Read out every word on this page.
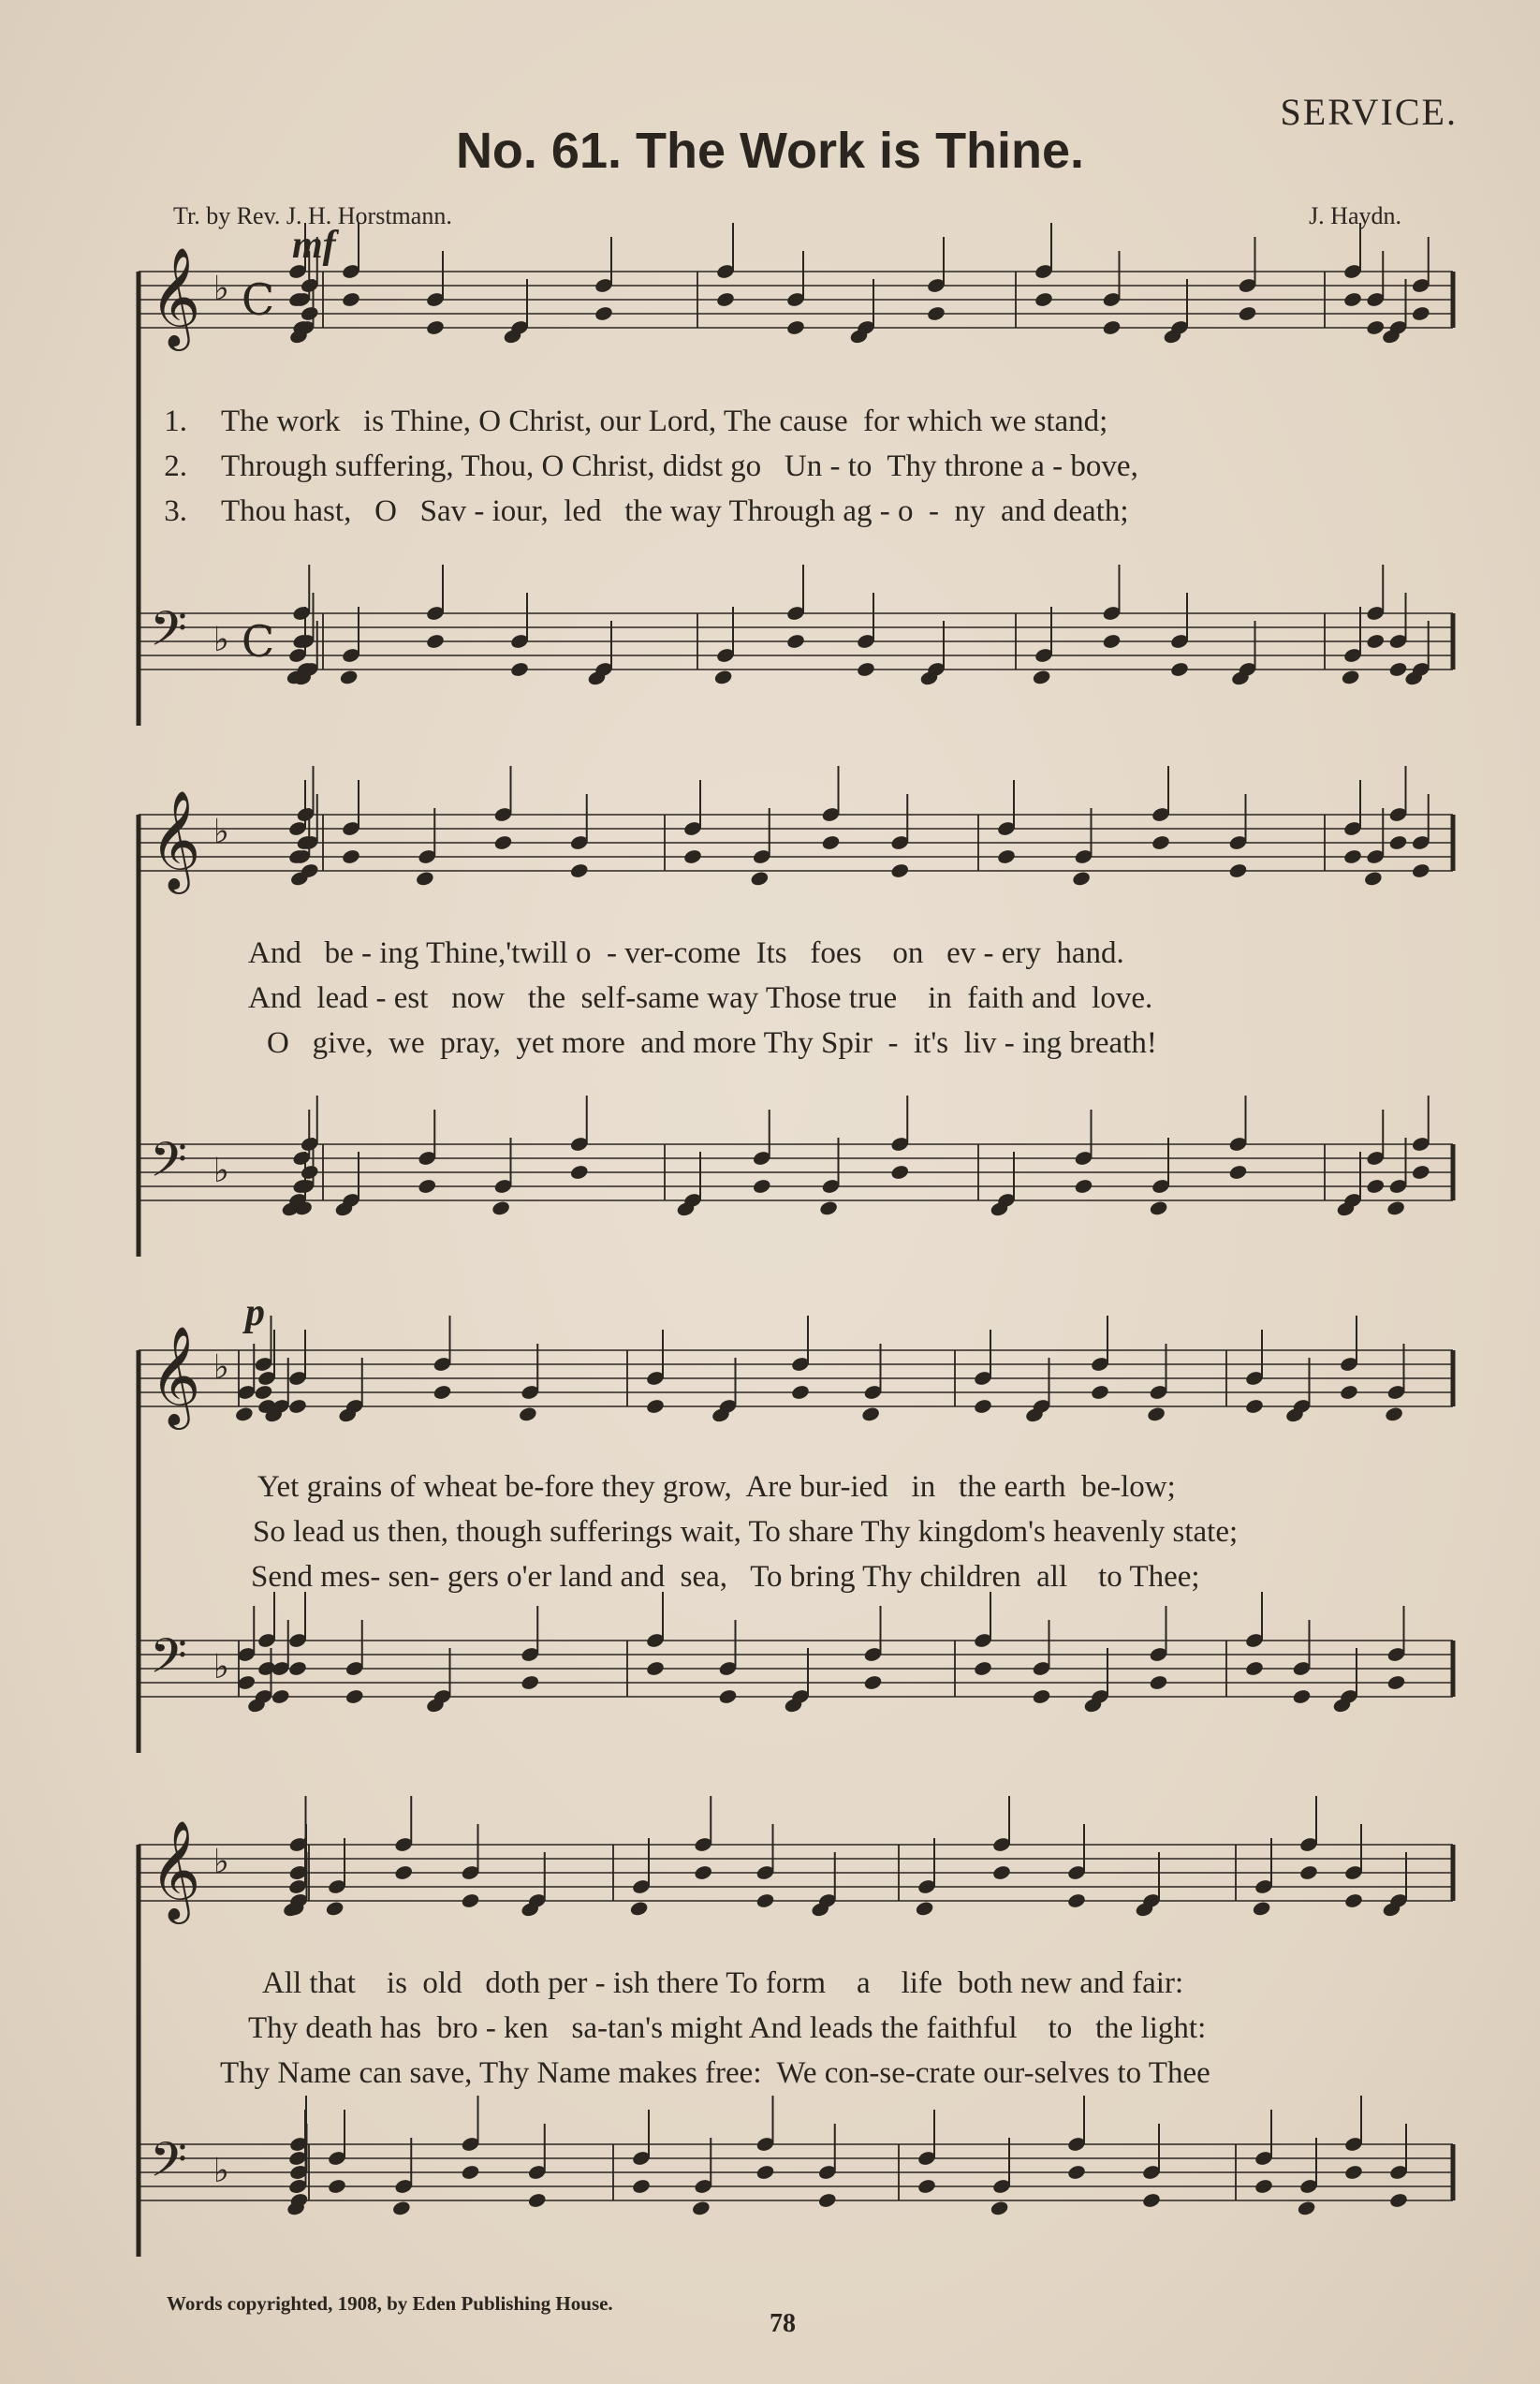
SERVICE.
No. 61. The Work is Thine.
Tr. by Rev. J. H. Horstmann.	J. Haydn.
mf
p
𝄞 ♭ C
𝄢 ♭ C
𝄞 ♭
𝄢 ♭
𝄞 ♭
𝄢 ♭
𝄞 ♭
𝄢 ♭
1. The work   is Thine, O Christ, our Lord, The cause  for which we stand;
2. Through suffering, Thou, O Christ, didst go   Un - to  Thy throne a - bove,
3. Thou hast,   O   Sav - iour,  led   the way Through ag - o  -  ny  and death;
And   be - ing Thine,'twill o  - ver-come  Its   foes    on   ev - ery  hand.
And  lead - est   now   the  self-same way Those true    in  faith and  love.
O   give,  we  pray,  yet more  and more Thy Spir  -  it's  liv - ing breath!
Yet grains of wheat be-fore they grow,  Are bur-ied   in   the earth  be-low;
So lead us then, though sufferings wait, To share Thy kingdom's heavenly state;
Send mes- sen- gers o'er land and  sea,   To bring Thy children  all    to Thee;
All that    is  old   doth per - ish there To form    a    life  both new and fair:
Thy death has  bro - ken   sa-tan's might And leads the faithful    to   the light:
Thy Name can save, Thy Name makes free:  We con-se-crate our-selves to Thee
Words copyrighted, 1908, by Eden Publishing House.
78
